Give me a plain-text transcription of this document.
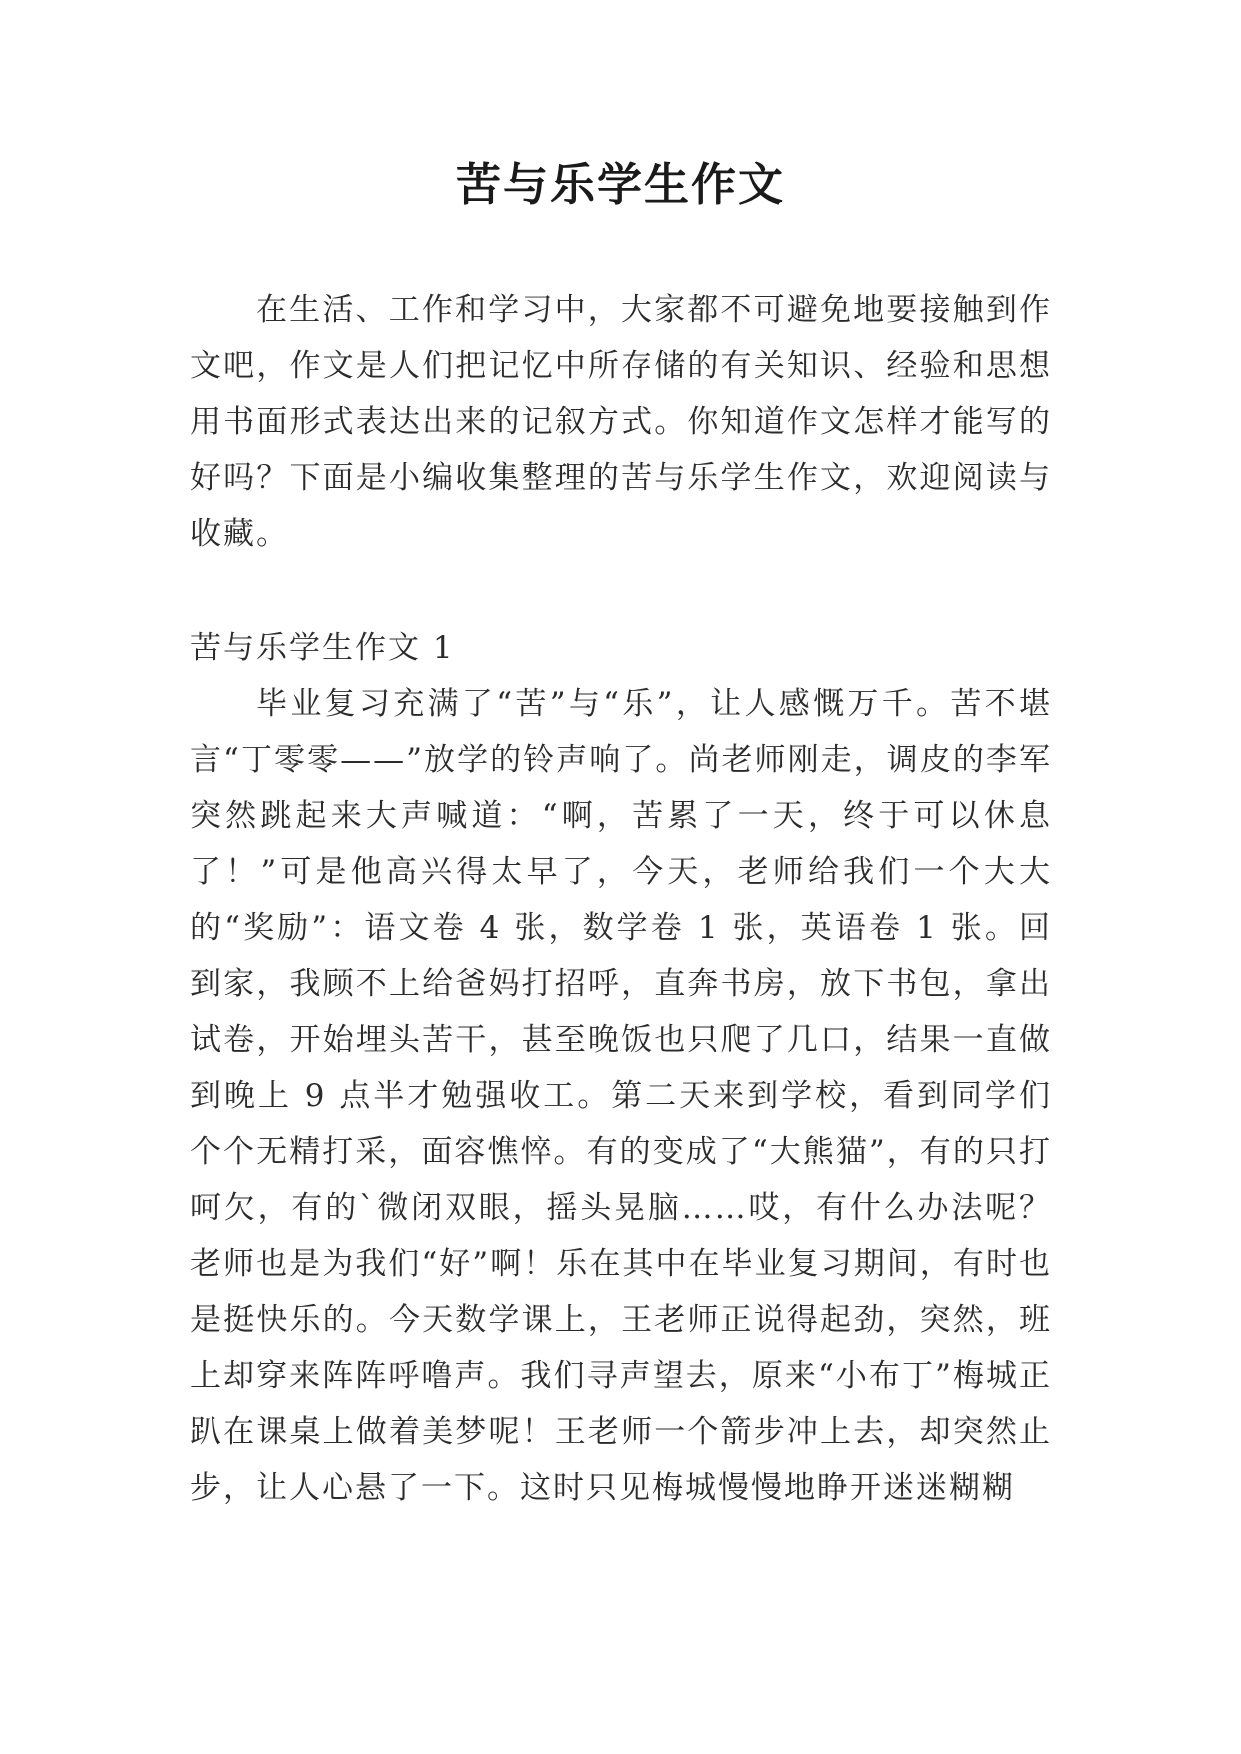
苦与乐学生作文

在生活、工作和学习中，大家都不可避免地要接触到作文吧，作文是人们把记忆中所存储的有关知识、经验和思想用书面形式表达出来的记叙方式。你知道作文怎样才能写的好吗？下面是小编收集整理的苦与乐学生作文，欢迎阅读与收藏。

苦与乐学生作文 1

毕业复习充满了“苦”与“乐”，让人感慨万千。苦不堪言“丁零零——”放学的铃声响了。尚老师刚走，调皮的李军突然跳起来大声喊道：“啊，苦累了一天，终于可以休息了！”可是他高兴得太早了，今天，老师给我们一个大大的“奖励”：语文卷 4 张，数学卷 1 张，英语卷 1 张。回到家，我顾不上给爸妈打招呼，直奔书房，放下书包，拿出试卷，开始埋头苦干，甚至晚饭也只爬了几口，结果一直做到晚上 9 点半才勉强收工。第二天来到学校，看到同学们个个无精打采，面容憔悴。有的变成了“大熊猫”，有的只打呵欠，有的`微闭双眼，摇头晃脑……哎，有什么办法呢？老师也是为我们“好”啊！乐在其中在毕业复习期间，有时也是挺快乐的。今天数学课上，王老师正说得起劲，突然，班上却穿来阵阵呼噜声。我们寻声望去，原来“小布丁”梅城正趴在课桌上做着美梦呢！王老师一个箭步冲上去，却突然止步，让人心悬了一下。这时只见梅城慢慢地睁开迷迷糊糊
